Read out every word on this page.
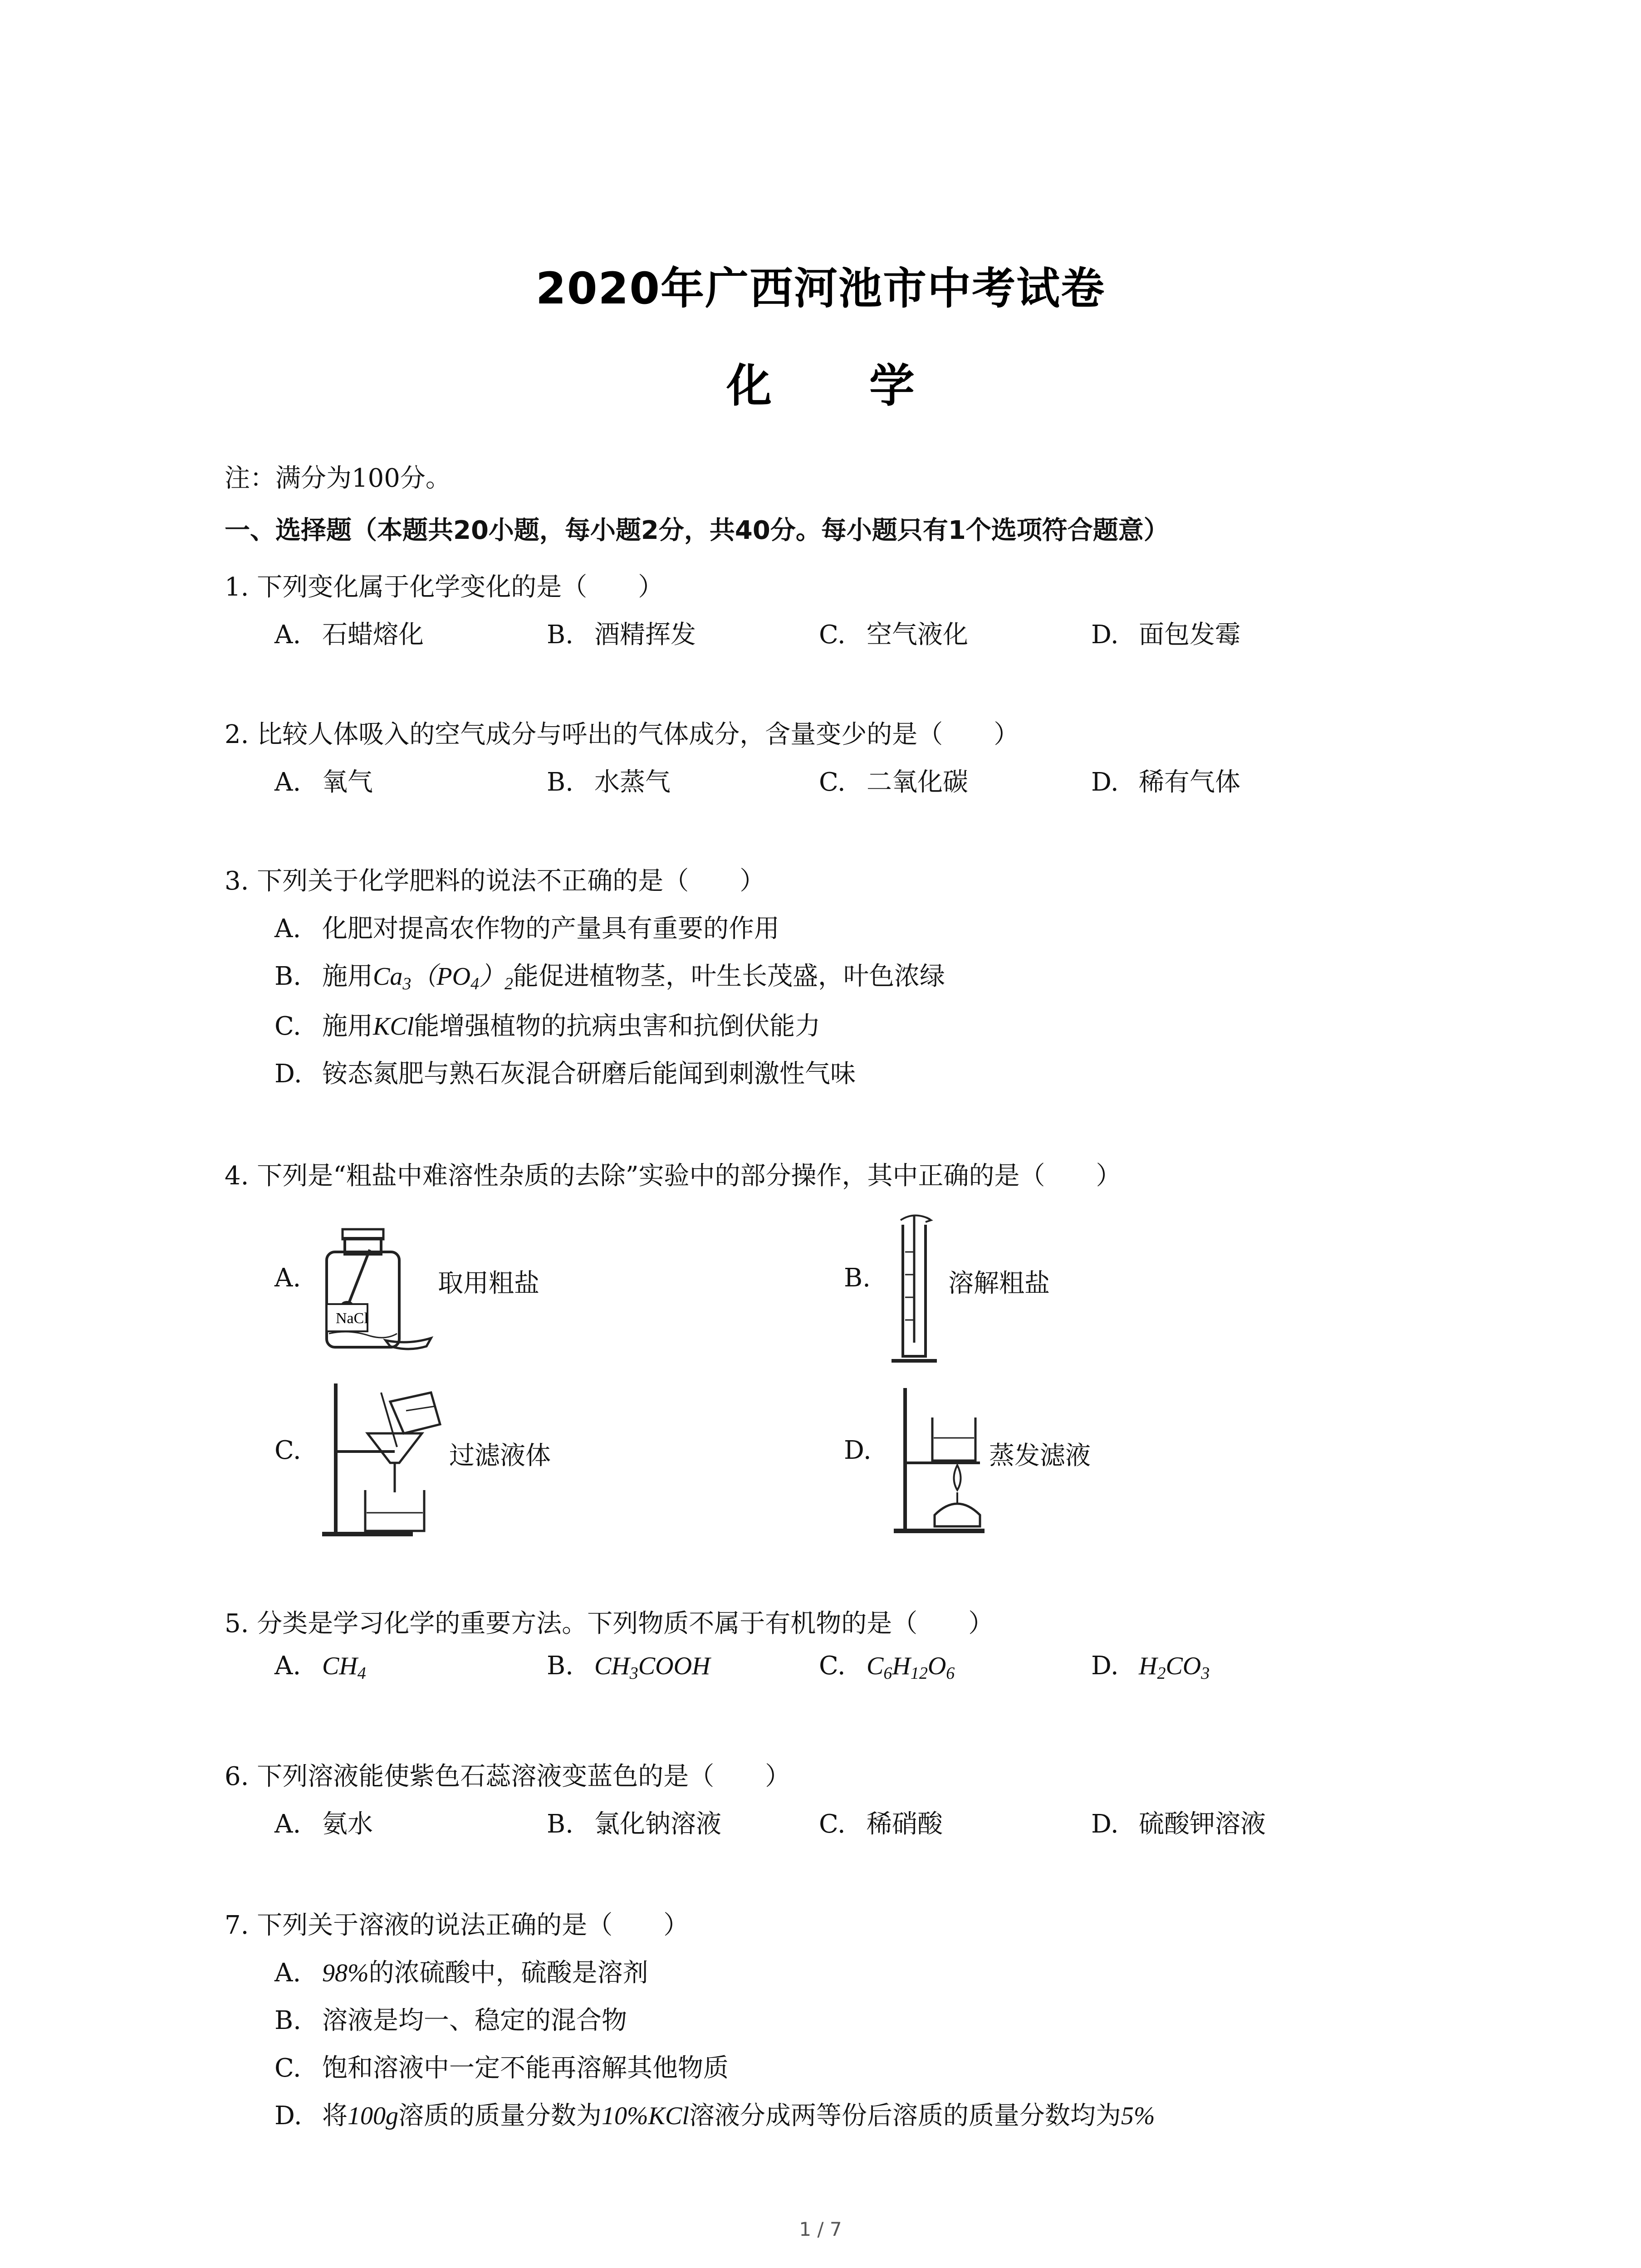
2020年广西河池市中考试卷
化 学
注：满分为100分。
一、选择题（本题共20小题，每小题2分，共40分。每小题只有1个选项符合题意）
1. 下列变化属于化学变化的是（　　）
A. 石蜡熔化	B. 酒精挥发	C. 空气液化	D. 面包发霉
2. 比较人体吸入的空气成分与呼出的气体成分，含量变少的是（　　）
A. 氧气	B. 水蒸气	C. 二氧化碳	D. 稀有气体
3. 下列关于化学肥料的说法不正确的是（　　）
A. 化肥对提高农作物的产量具有重要的作用
B. 施用$Ca_3(PO_4)_2$能促进植物茎，叶生长茂盛，叶色浓绿
C. 施用KCl能增强植物的抗病虫害和抗倒伏能力
D. 铵态氮肥与熟石灰混合研磨后能闻到刺激性气味
4. 下列是“粗盐中难溶性杂质的去除”实验中的部分操作，其中正确的是（　　）
A.
NaCl
取用粗盐	B.	溶解粗盐
C.	过滤液体	D.	蒸发滤液
5. 分类是学习化学的重要方法。下列物质不属于有机物的是（　　）
A. $CH_4$	B. $CH_3COOH$	C. $C_6H_{12}O_6$	D. $H_2CO_3$
6. 下列溶液能使紫色石蕊溶液变蓝色的是（　　）
A. 氨水	B. 氯化钠溶液	C. 稀硝酸	D. 硫酸钾溶液
7. 下列关于溶液的说法正确的是（　　）
A. 98%的浓硫酸中，硫酸是溶剂
B. 溶液是均一、稳定的混合物
C. 饱和溶液中一定不能再溶解其他物质
D. 将100g溶质的质量分数为10%KCl溶液分成两等份后溶质的质量分数均为5%
1 / 7
